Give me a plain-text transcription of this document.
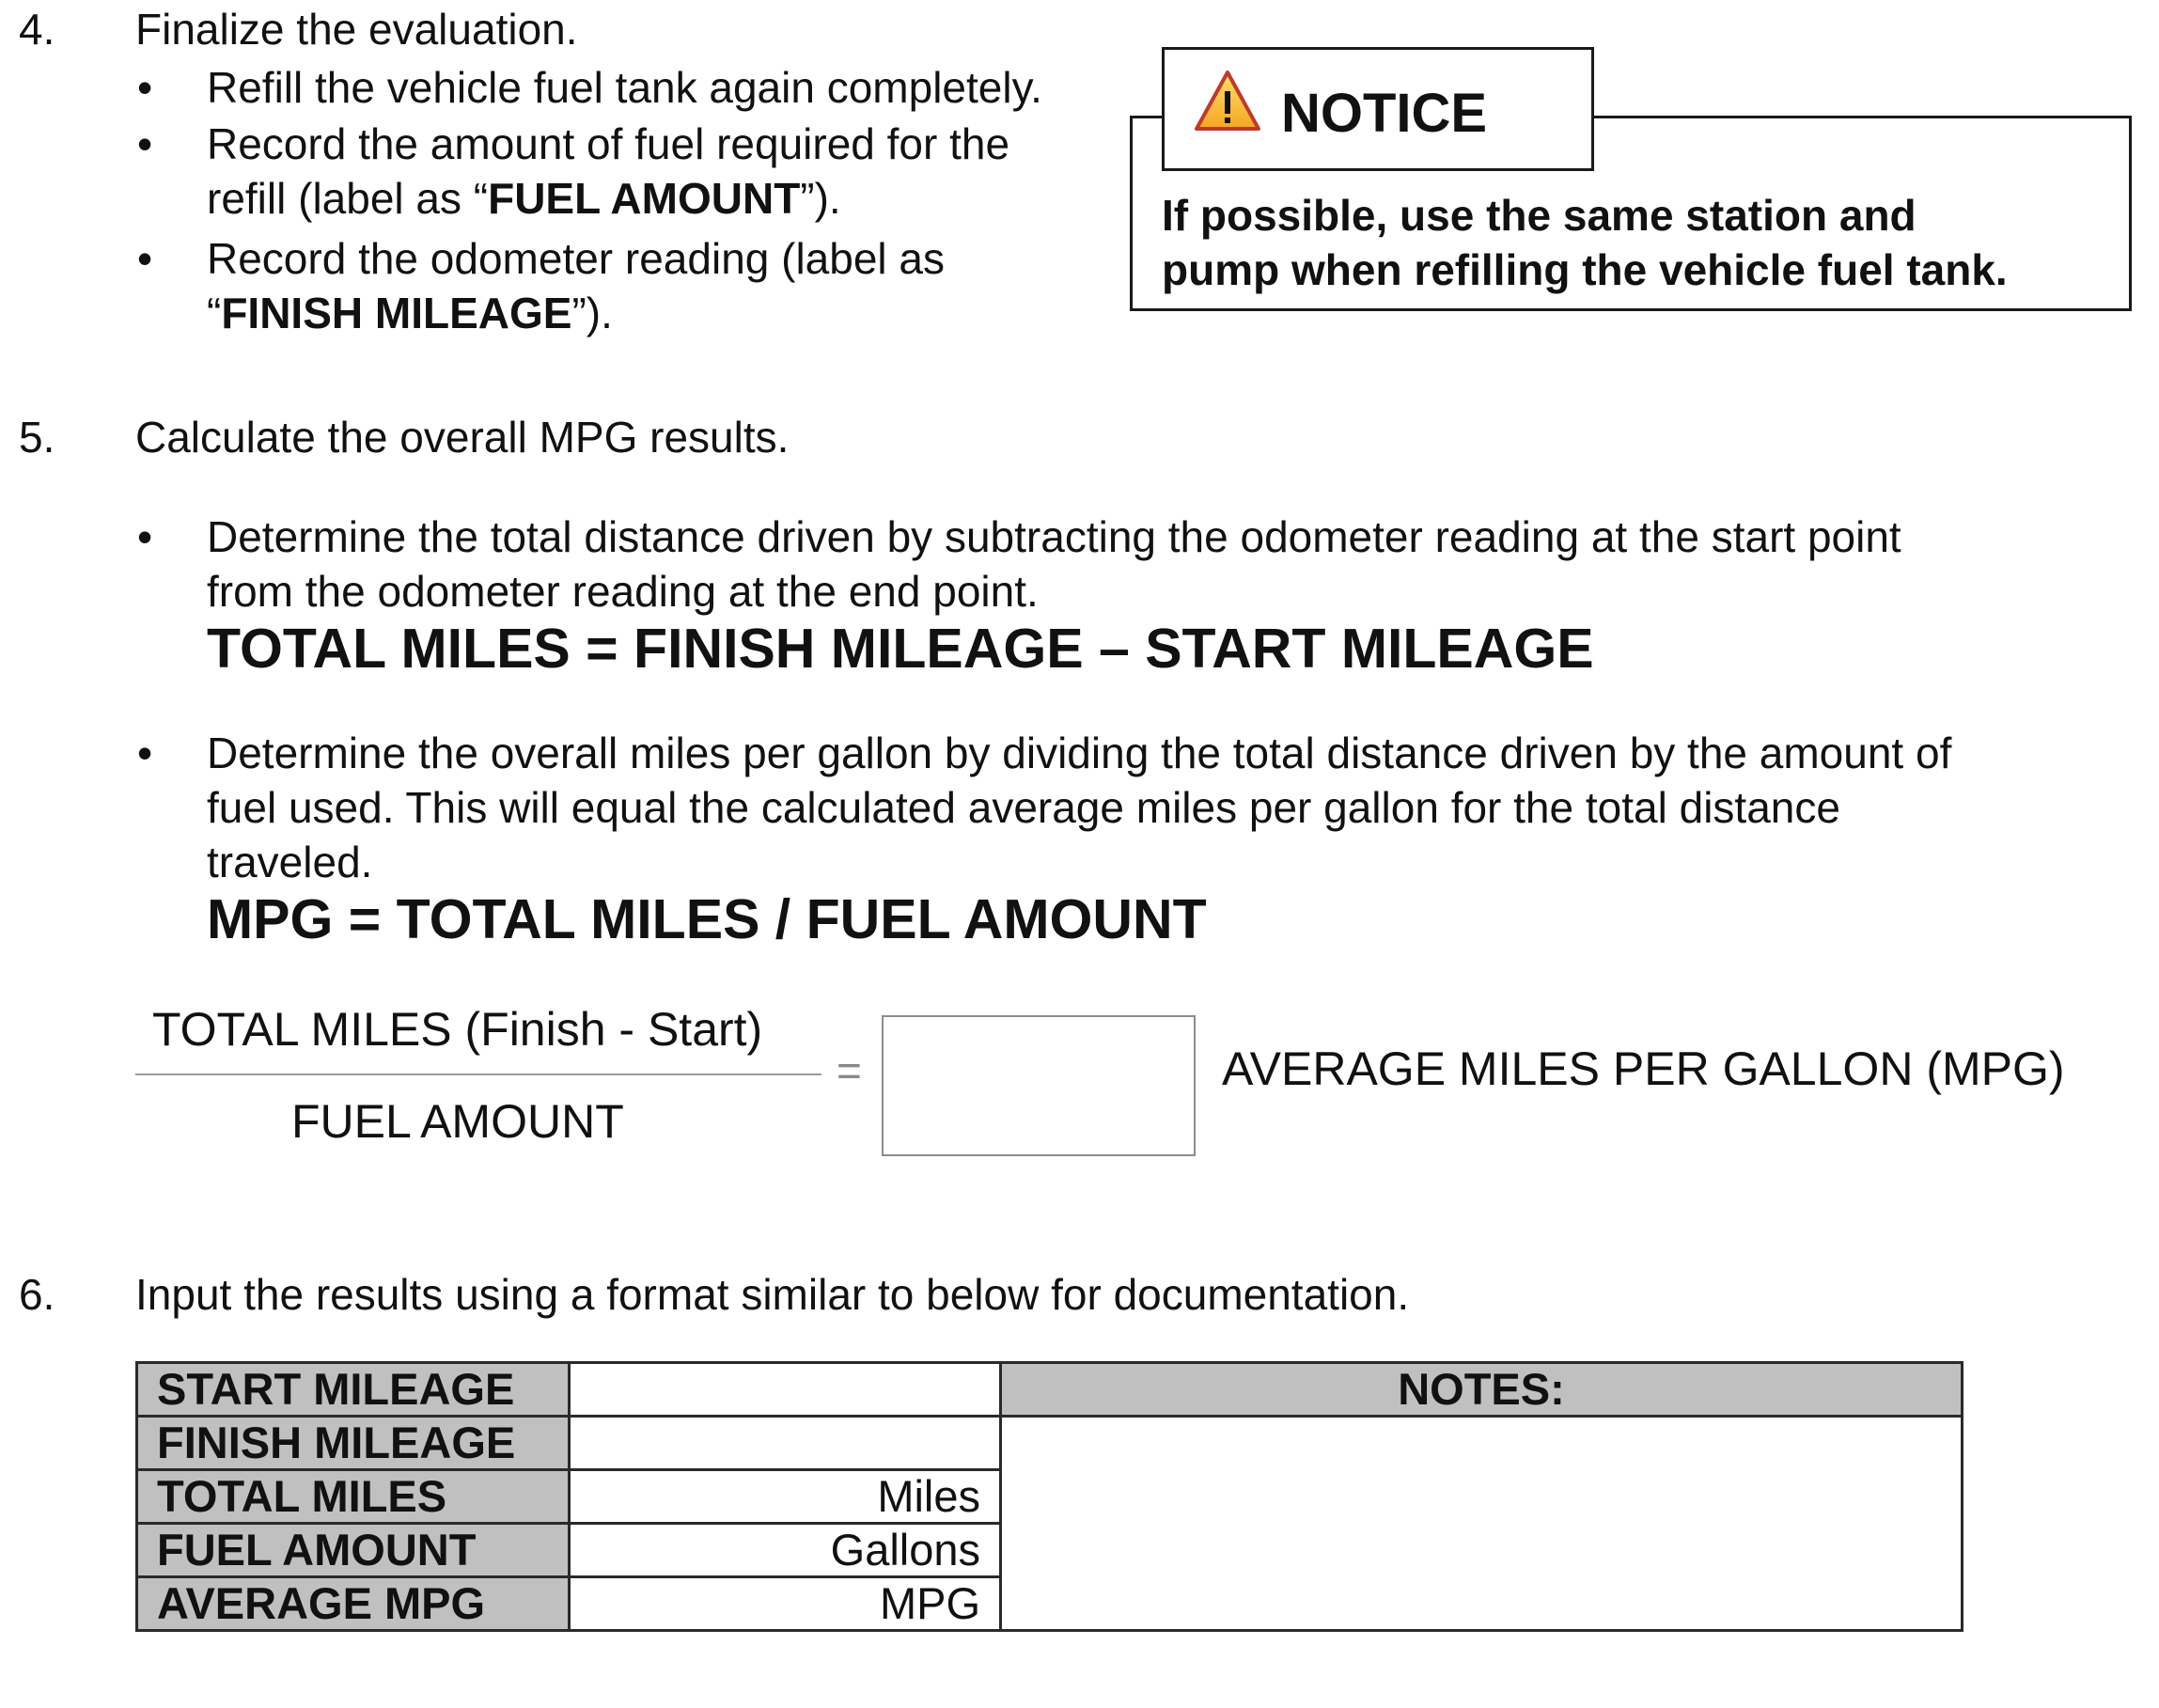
4. Finalize the evaluation.
• Refill the vehicle fuel tank again completely.
• Record the amount of fuel required for the
refill (label as “FUEL AMOUNT”).
• Record the odometer reading (label as
“FINISH MILEAGE”).
NOTICE
If possible, use the same station and
pump when refilling the vehicle fuel tank.
5. Calculate the overall MPG results.
• Determine the total distance driven by subtracting the odometer reading at the start point
from the odometer reading at the end point.
TOTAL MILES = FINISH MILEAGE – START MILEAGE
• Determine the overall miles per gallon by dividing the total distance driven by the amount of
fuel used. This will equal the calculated average miles per gallon for the total distance
traveled.
MPG = TOTAL MILES / FUEL AMOUNT
TOTAL MILES (Finish - Start)
FUEL AMOUNT
=	AVERAGE MILES PER GALLON (MPG)
6. Input the results using a format similar to below for documentation.
START MILEAGE		NOTES:
FINISH MILEAGE		
TOTAL MILES	Miles	
FUEL AMOUNT	Gallons	
AVERAGE MPG	MPG	
